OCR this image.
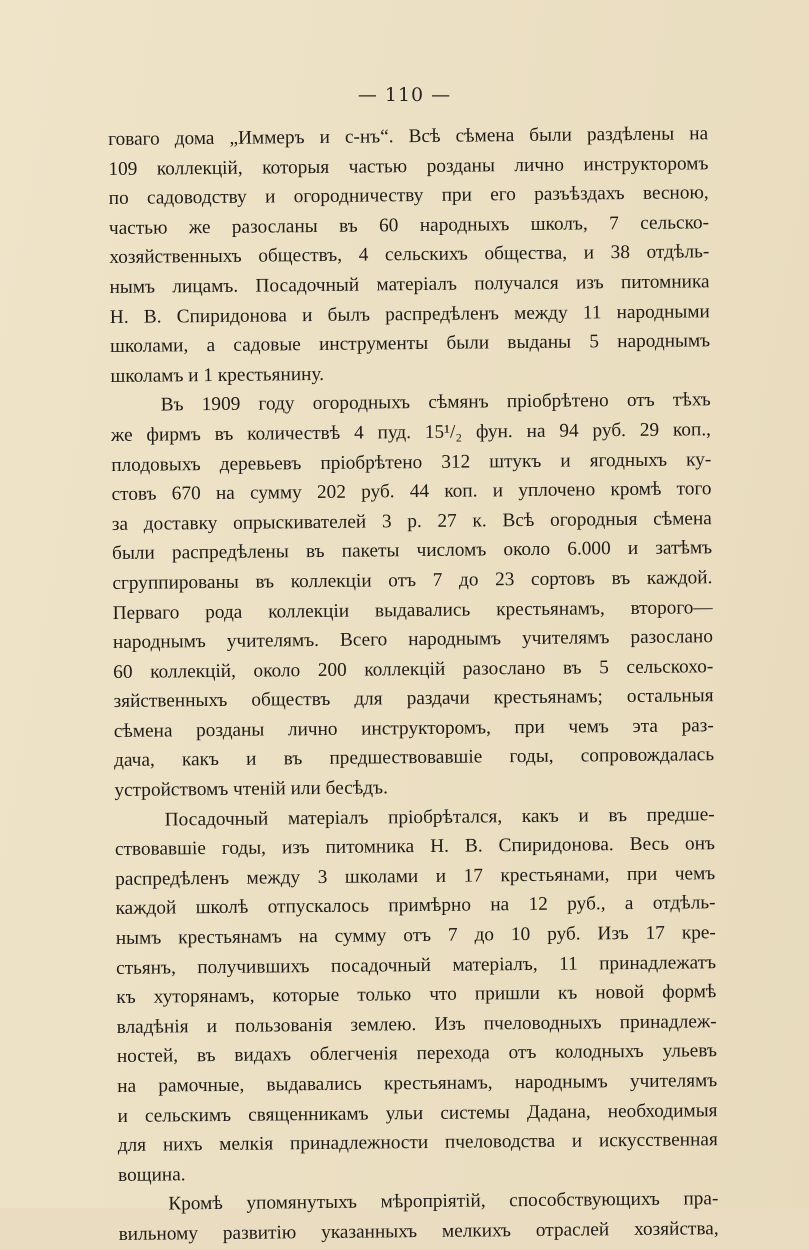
— 110 —
говаго дома „Иммеръ и с-нъ“. Всѣ сѣмена были раздѣлены на
109 коллекцій, которыя частью розданы лично инструкторомъ
по садоводству и огородничеству при его разъѣздахъ весною,
частью же разосланы въ 60 народныхъ школъ, 7 сельско-
хозяйственныхъ обществъ, 4 сельскихъ общества, и 38 отдѣль-
нымъ лицамъ. Посадочный матеріалъ получался изъ питомника
Н. В. Спиридонова и былъ распредѣленъ между 11 народными
школами, а садовые инструменты были выданы 5 народнымъ
школамъ и 1 крестьянину.
Въ 1909 году огородныхъ сѣмянъ пріобрѣтено отъ тѣхъ
же фирмъ въ количествѣ 4 пуд. 15¹/₂ фун. на 94 руб. 29 коп.,
плодовыхъ деревьевъ пріобрѣтено 312 штукъ и ягодныхъ ку-
стовъ 670 на сумму 202 руб. 44 коп. и уплочено кромѣ того
за доставку опрыскивателей 3 р. 27 к. Всѣ огородныя сѣмена
были распредѣлены въ пакеты числомъ около 6.000 и затѣмъ
сгруппированы въ коллекціи отъ 7 до 23 сортовъ въ каждой.
Перваго рода коллекціи выдавались крестьянамъ, второго—
народнымъ учителямъ. Всего народнымъ учителямъ разослано
60 коллекцій, около 200 коллекцій разослано въ 5 сельскохо-
зяйственныхъ обществъ для раздачи крестьянамъ; остальныя
сѣмена розданы лично инструкторомъ, при чемъ эта раз-
дача, какъ и въ предшествовавшіе годы, сопровождалась
устройствомъ чтеній или бесѣдъ.
Посадочный матеріалъ пріобрѣтался, какъ и въ предше-
ствовавшіе годы, изъ питомника Н. В. Спиридонова. Весь онъ
распредѣленъ между 3 школами и 17 крестьянами, при чемъ
каждой школѣ отпускалось примѣрно на 12 руб., а отдѣль-
нымъ крестьянамъ на сумму отъ 7 до 10 руб. Изъ 17 кре-
стьянъ, получившихъ посадочный матеріалъ, 11 принадлежатъ
къ хуторянамъ, которые только что пришли къ новой формѣ
владѣнія и пользованія землею. Изъ пчеловодныхъ принадлеж-
ностей, въ видахъ облегченія перехода отъ колодныхъ ульевъ
на рамочные, выдавались крестьянамъ, народнымъ учителямъ
и сельскимъ священникамъ ульи системы Дадана, необходимыя
для нихъ мелкія принадлежности пчеловодства и искусственная
вощина.
Кромѣ упомянутыхъ мѣропріятій, способствующихъ пра-
вильному развитію указанныхъ мелкихъ отраслей хозяйства,
